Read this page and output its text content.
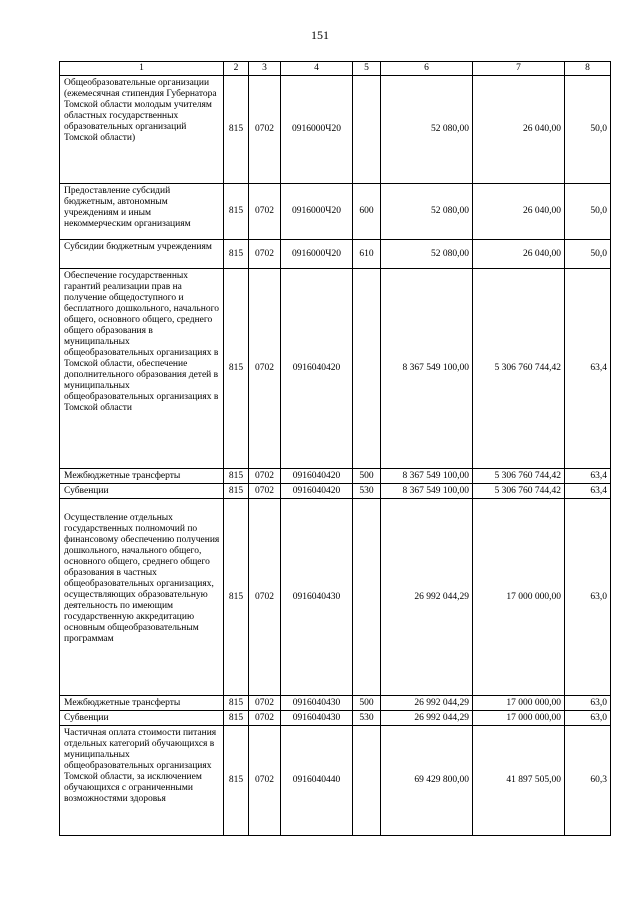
151
1	2	3	4	5	6	7	8
Общеобразовательные организации (ежемесячная стипендия Губернатора Томской области молодым учителям областных государственных образовательных организаций Томской области)	815	0702	0916000Ч20		52 080,00	26 040,00	50,0
Предоставление субсидий бюджетным, автономным учреждениям и иным некоммерческим организациям	815	0702	0916000Ч20	600	52 080,00	26 040,00	50,0
Субсидии бюджетным учреждениям	815	0702	0916000Ч20	610	52 080,00	26 040,00	50,0
Обеспечение государственных гарантий реализации прав на получение общедоступного и бесплатного дошкольного, начального общего, основного общего, среднего общего образования в муниципальных общеобразовательных организациях в Томской области, обеспечение дополнительного образования детей в муниципальных общеобразовательных организациях в Томской области	815	0702	0916040420		8 367 549 100,00	5 306 760 744,42	63,4
Межбюджетные трансферты	815	0702	0916040420	500	8 367 549 100,00	5 306 760 744,42	63,4
Субвенции	815	0702	0916040420	530	8 367 549 100,00	5 306 760 744,42	63,4
Осуществление отдельных государственных полномочий по финансовому обеспечению получения дошкольного, начального общего, основного общего, среднего общего образования в частных общеобразовательных организациях, осуществляющих образовательную деятельность по имеющим государственную аккредитацию основным общеобразовательным программам	815	0702	0916040430		26 992 044,29	17 000 000,00	63,0
Межбюджетные трансферты	815	0702	0916040430	500	26 992 044,29	17 000 000,00	63,0
Субвенции	815	0702	0916040430	530	26 992 044,29	17 000 000,00	63,0
Частичная оплата стоимости питания отдельных категорий обучающихся в муниципальных общеобразовательных организациях Томской области, за исключением обучающихся с ограниченными возможностями здоровья	815	0702	0916040440		69 429 800,00	41 897 505,00	60,3
